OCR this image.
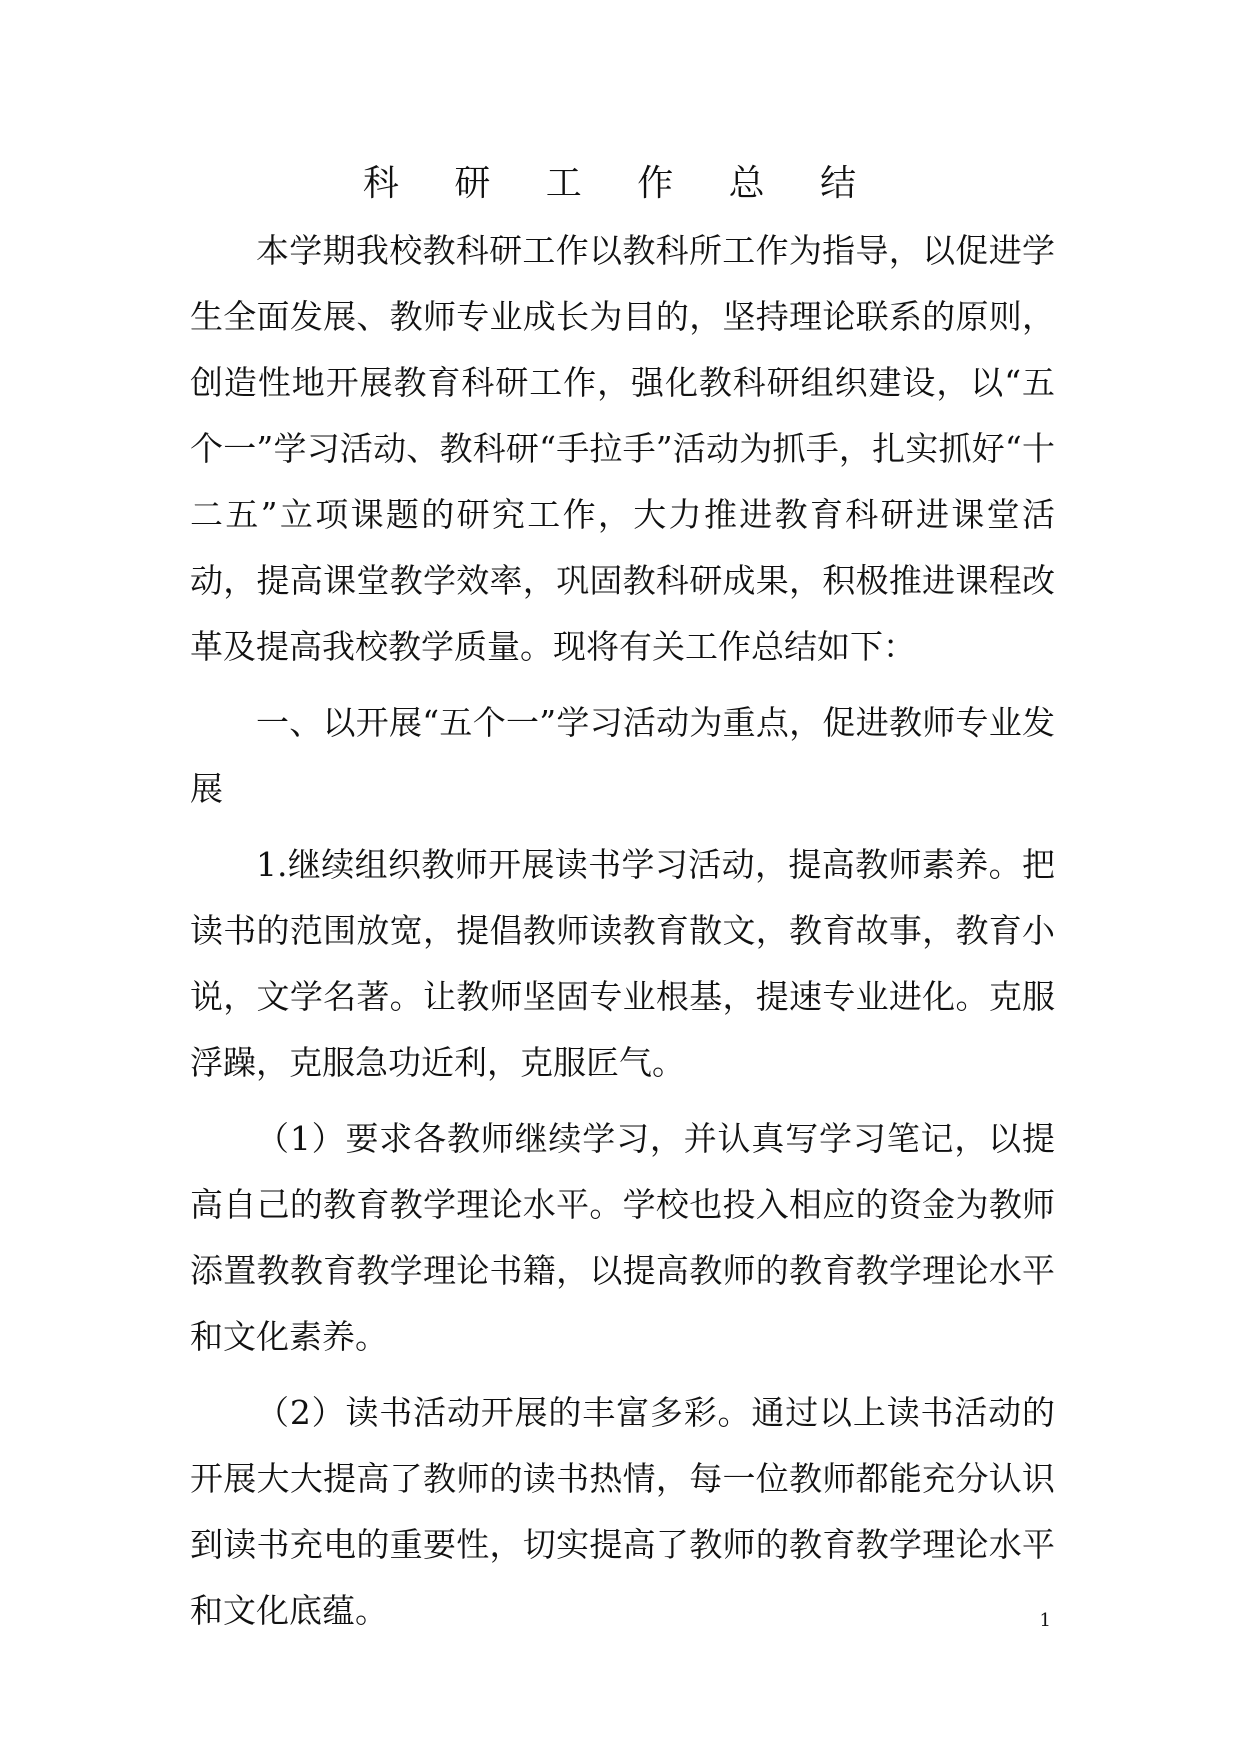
科 研 工 作 总 结

本学期我校教科研工作以教科所工作为指导，以促进学生全面发展、教师专业成长为目的，坚持理论联系的原则，创造性地开展教育科研工作，强化教科研组织建设，以“五个一”学习活动、教科研“手拉手”活动为抓手，扎实抓好“十二五”立项课题的研究工作，大力推进教育科研进课堂活动，提高课堂教学效率，巩固教科研成果，积极推进课程改革及提高我校教学质量。现将有关工作总结如下：

一、以开展“五个一”学习活动为重点，促进教师专业发展

1.继续组织教师开展读书学习活动，提高教师素养。把读书的范围放宽，提倡教师读教育散文，教育故事，教育小说，文学名著。让教师坚固专业根基，提速专业进化。克服浮躁，克服急功近利，克服匠气。

（1）要求各教师继续学习，并认真写学习笔记，以提高自己的教育教学理论水平。学校也投入相应的资金为教师添置教教育教学理论书籍，以提高教师的教育教学理论水平和文化素养。

（2）读书活动开展的丰富多彩。通过以上读书活动的开展大大提高了教师的读书热情，每一位教师都能充分认识到读书充电的重要性，切实提高了教师的教育教学理论水平和文化底蕴。	1
